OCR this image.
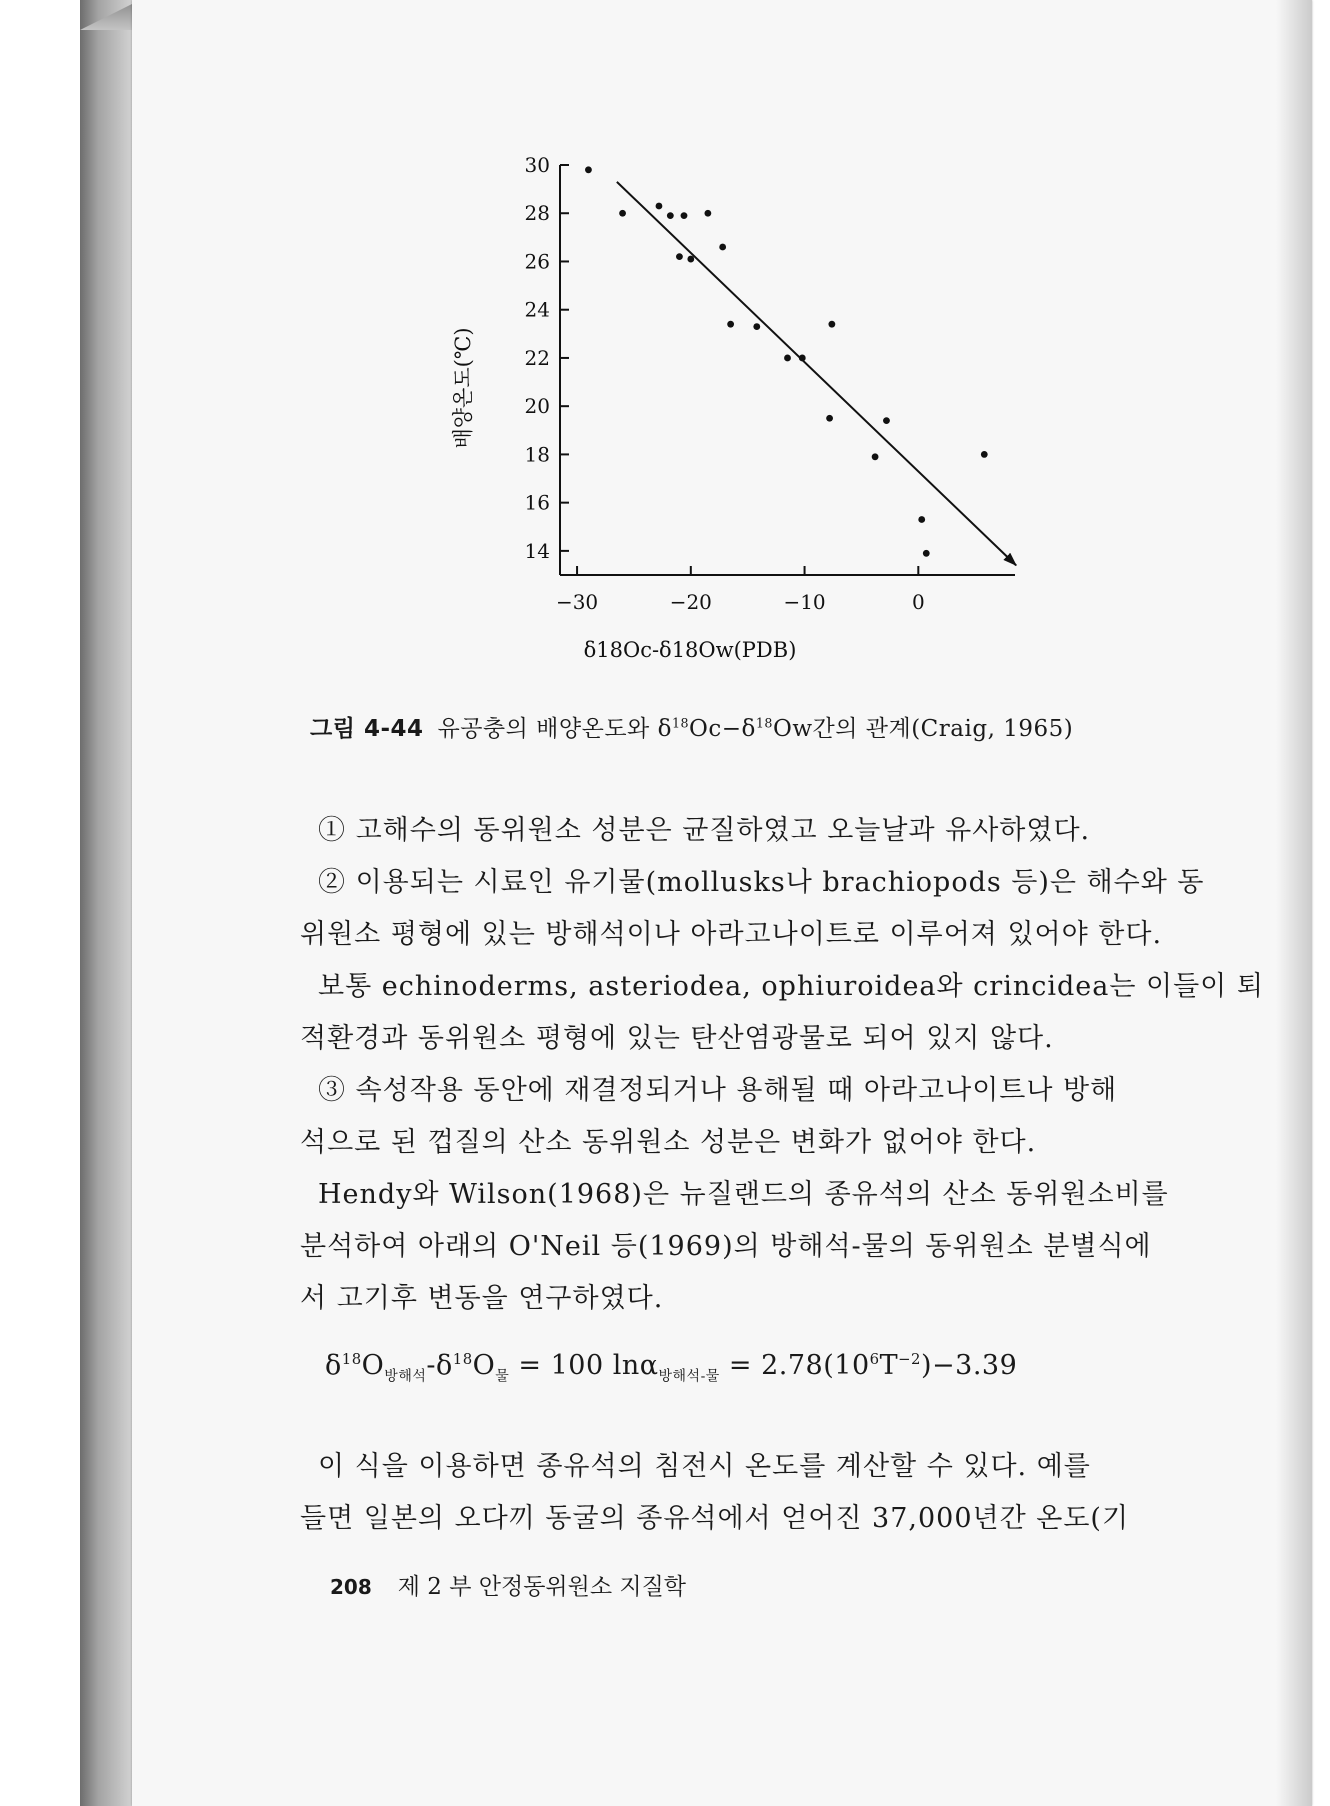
14
16
18
20
22
24
26
28
30
−30	−20	−10	0
δ18Oc-δ18Ow(PDB)
배양온도(℃)
그림 4-44 유공충의 배양온도와 $\delta^{18}Oc-\delta^{18}Ow$간의 관계(Craig, 1965)
① 고해수의 동위원소 성분은 균질하였고 오늘날과 유사하였다.
② 이용되는 시료인 유기물(mollusks나 brachiopods 등)은 해수와 동
위원소 평형에 있는 방해석이나 아라고나이트로 이루어져 있어야 한다.
보통 echinoderms, asteriodea, ophiuroidea와 crincidea는 이들이 퇴
적환경과 동위원소 평형에 있는 탄산염광물로 되어 있지 않다.
③ 속성작용 동안에 재결정되거나 용해될 때 아라고나이트나 방해
석으로 된 껍질의 산소 동위원소 성분은 변화가 없어야 한다.
Hendy와 Wilson(1968)은 뉴질랜드의 종유석의 산소 동위원소비를
분석하여 아래의 O'Neil 등(1969)의 방해석-물의 동위원소 분별식에
서 고기후 변동을 연구하였다.
$\delta^{18}O_{방해석}-\delta^{18}O_물 = 100$ $\ln\alpha_{방해석-물} = 2.78(10^6T^{-2})-3.39$
이 식을 이용하면 종유석의 침전시 온도를 계산할 수 있다. 예를
들면 일본의 오다끼 동굴의 종유석에서 얻어진 37,000년간 온도(기
208 제 2 부 안정동위원소 지질학
